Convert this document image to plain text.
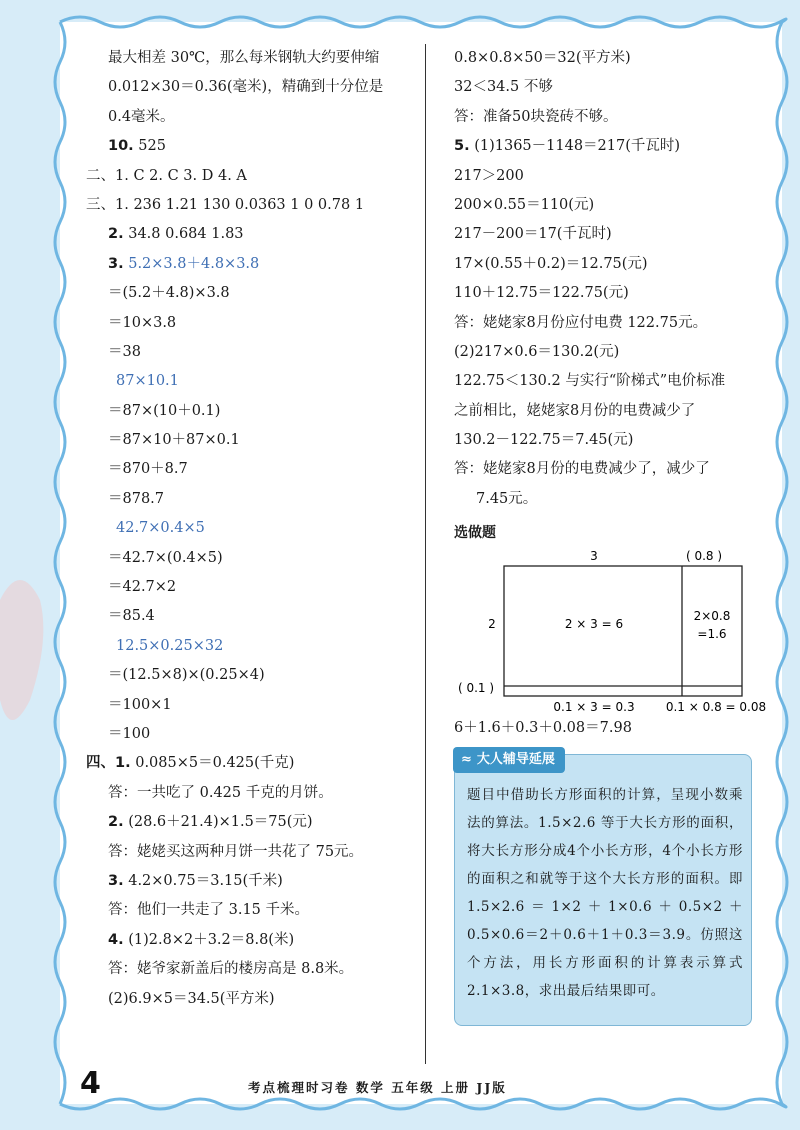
最大相差 30℃，那么每米钢轨大约要伸缩
0.012×30＝0.36(毫米)，精确到十分位是
0.4毫米。
10. 525
二、1. C 2. C 3. D 4. A
三、1. 236 1.21 130 0.0363 1 0 0.78 1
2. 34.8 0.684 1.83
3. 5.2×3.8＋4.8×3.8
＝(5.2＋4.8)×3.8
＝10×3.8
＝38
87×10.1
＝87×(10＋0.1)
＝87×10＋87×0.1
＝870＋8.7
＝878.7
42.7×0.4×5
＝42.7×(0.4×5)
＝42.7×2
＝85.4
12.5×0.25×32
＝(12.5×8)×(0.25×4)
＝100×1
＝100
四、1. 0.085×5＝0.425(千克)
答：一共吃了 0.425 千克的月饼。
2. (28.6＋21.4)×1.5＝75(元)
答：姥姥买这两种月饼一共花了 75元。
3. 4.2×0.75＝3.15(千米)
答：他们一共走了 3.15 千米。
4. (1)2.8×2＋3.2＝8.8(米)
答：姥爷家新盖后的楼房高是 8.8米。
(2)6.9×5＝34.5(平方米)
0.8×0.8×50＝32(平方米)
32＜34.5 不够
答：准备50块瓷砖不够。
5. (1)1365－1148＝217(千瓦时)
217＞200
200×0.55＝110(元)
217－200＝17(千瓦时)
17×(0.55＋0.2)＝12.75(元)
110＋12.75＝122.75(元)
答：姥姥家8月份应付电费 122.75元。
(2)217×0.6＝130.2(元)
122.75＜130.2 与实行“阶梯式”电价标准
之前相比，姥姥家8月份的电费减少了
130.2－122.75＝7.45(元)
答：姥姥家8月份的电费减少了，减少了
7.45元。
选做题
3	( 0.8 )
2
( 0.1 )
2 × 3 = 6
2×0.8
=1.6
0.1 × 3 = 0.3	0.1 × 0.8 = 0.08
6＋1.6＋0.3＋0.08＝7.98
≈ 大人辅导延展
题目中借助长方形面积的计算，呈现小数乘法的算法。1.5×2.6 等于大长方形的面积，将大长方形分成4个小长方形，4个小长方形的面积之和就等于这个大长方形的面积。即 1.5×2.6＝1×2＋1×0.6＋0.5×2＋0.5×0.6＝2＋0.6＋1＋0.3＝3.9。仿照这个方法，用长方形面积的计算表示算式 2.1×3.8，求出最后结果即可。
4	考点梳理时习卷 数学 五年级 上册 JJ版
